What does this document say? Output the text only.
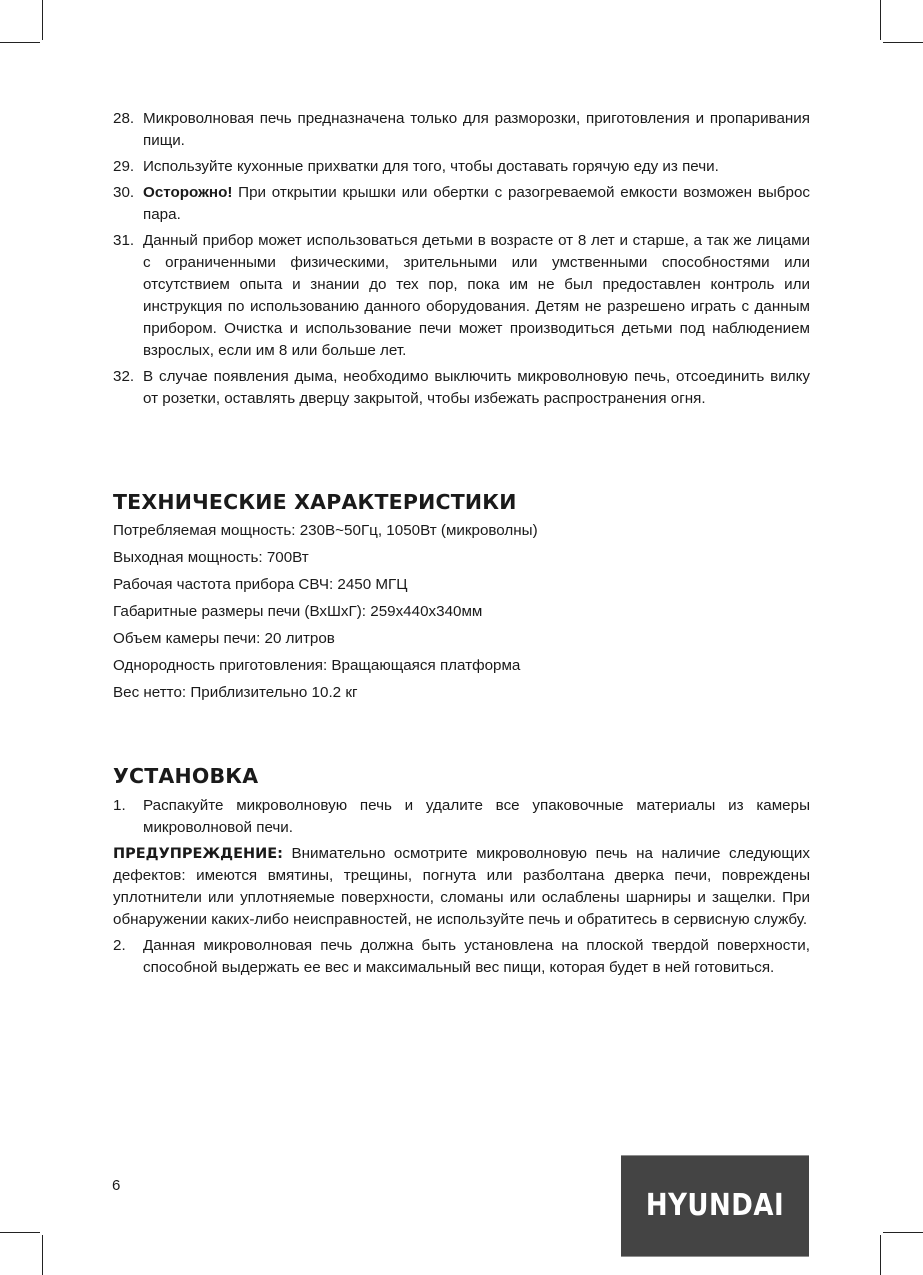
28. Микроволновая печь предназначена только для разморозки, приготовления и пропаривания пищи.
29. Используйте кухонные прихватки для того, чтобы доставать горячую еду из печи.
30. Осторожно! При открытии крышки или обертки с разогреваемой емкости возможен выброс пара.
31. Данный прибор может использоваться детьми в возрасте от 8 лет и старше, а так же лицами с ограниченными физическими, зрительными или умственными способностями или отсутствием опыта и знании до тех пор, пока им не был предоставлен контроль или инструкция по использованию данного оборудования. Детям не разрешено играть с данным прибором. Очистка и использование печи может производиться детьми под наблюдением взрослых, если им 8 или больше лет.
32. В случае появления дыма, необходимо выключить микроволновую печь, отсоединить вилку от розетки, оставлять дверцу закрытой, чтобы избежать распространения огня.
ТЕХНИЧЕСКИЕ ХАРАКТЕРИСТИКИ
Потребляемая мощность: 230В~50Гц, 1050Вт (микроволны)
Выходная мощность: 700Вт
Рабочая частота прибора СВЧ: 2450 МГЦ
Габаритные размеры печи (ВхШхГ): 259х440х340мм
Объем камеры печи: 20 литров
Однородность приготовления: Вращающаяся платформа
Вес нетто: Приблизительно 10.2 кг
УСТАНОВКА
1. Распакуйте микроволновую печь и удалите все упаковочные материалы из камеры микроволновой печи.
ПРЕДУПРЕЖДЕНИЕ: Внимательно осмотрите микроволновую печь на наличие следующих дефектов: имеются вмятины, трещины, погнута или разболтана дверка печи, повреждены уплотнители или уплотняемые поверхности, сломаны или ослаблены шарниры и защелки. При обнаружении каких-либо неисправностей, не используйте печь и обратитесь в сервисную службу.
2. Данная микроволновая печь должна быть установлена на плоской твердой поверхности, способной выдержать ее вес и максимальный вес пищи, которая будет в ней готовиться.
6
HYUNDAI
